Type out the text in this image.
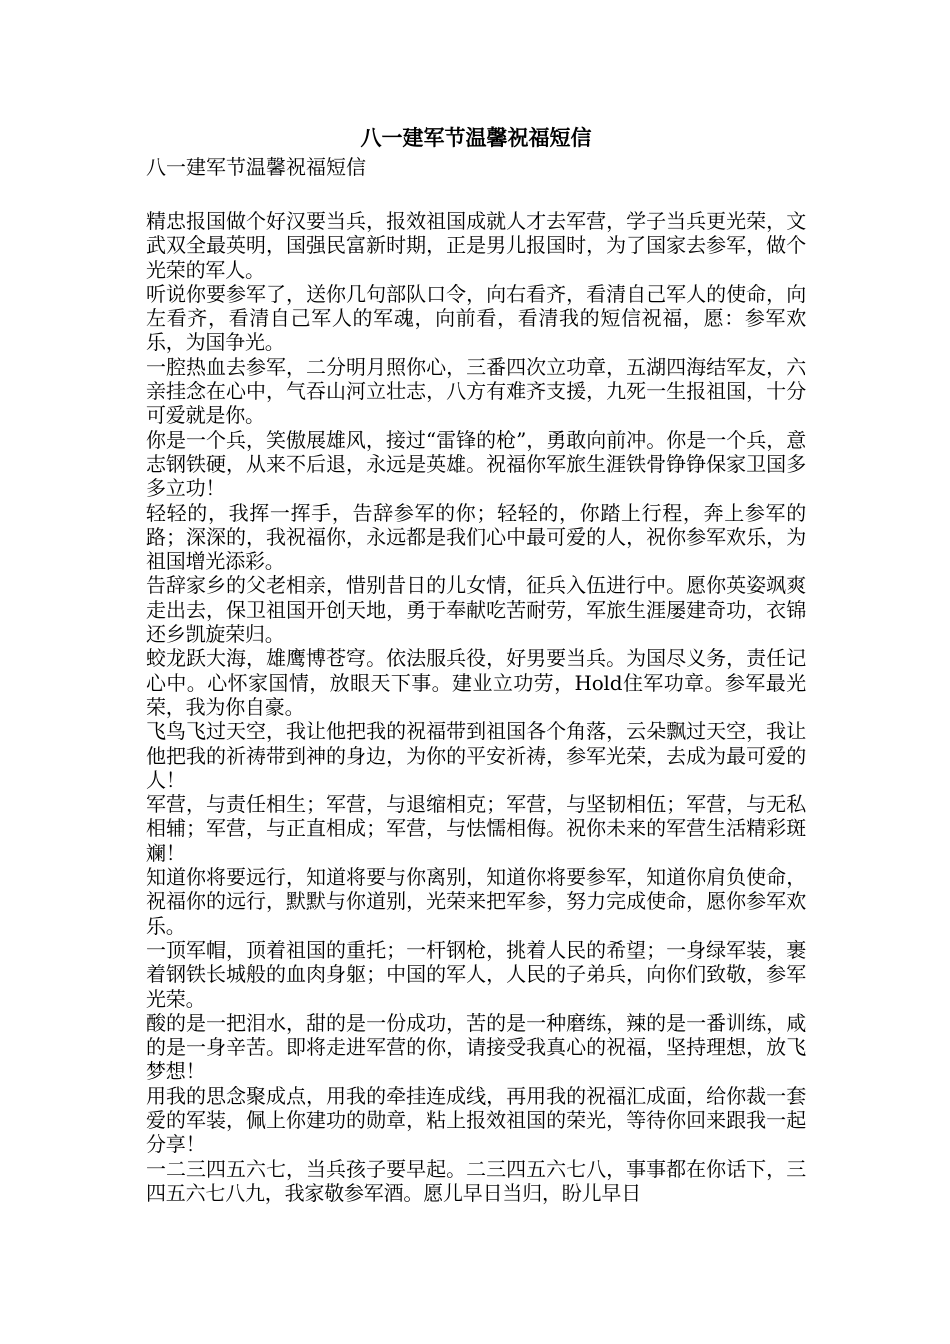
八一建军节温馨祝福短信
八一建军节温馨祝福短信

精忠报国做个好汉要当兵，报效祖国成就人才去军营，学子当兵更光荣，文武双全最英明，国强民富新时期，正是男儿报国时，为了国家去参军，做个光荣的军人。

听说你要参军了，送你几句部队口令，向右看齐，看清自己军人的使命，向左看齐，看清自己军人的军魂，向前看，看清我的短信祝福，愿：参军欢乐，为国争光。

一腔热血去参军，二分明月照你心，三番四次立功章，五湖四海结军友，六亲挂念在心中，气吞山河立壮志，八方有难齐支援，九死一生报祖国，十分可爱就是你。

你是一个兵，笑傲展雄风，接过“雷锋的枪”，勇敢向前冲。你是一个兵，意志钢铁硬，从来不后退，永远是英雄。祝福你军旅生涯铁骨铮铮保家卫国多多立功！

轻轻的，我挥一挥手，告辞参军的你；轻轻的，你踏上行程，奔上参军的路；深深的，我祝福你，永远都是我们心中最可爱的人，祝你参军欢乐，为祖国增光添彩。

告辞家乡的父老相亲，惜别昔日的儿女情，征兵入伍进行中。愿你英姿飒爽走出去，保卫祖国开创天地，勇于奉献吃苦耐劳，军旅生涯屡建奇功，衣锦还乡凯旋荣归。

蛟龙跃大海，雄鹰博苍穹。依法服兵役，好男要当兵。为国尽义务，责任记心中。心怀家国情，放眼天下事。建业立功劳，Hold住军功章。参军最光荣，我为你自豪。

飞鸟飞过天空，我让他把我的祝福带到祖国各个角落，云朵飘过天空，我让他把我的祈祷带到神的身边，为你的平安祈祷，参军光荣，去成为最可爱的人！

军营，与责任相生；军营，与退缩相克；军营，与坚韧相伍；军营，与无私相辅；军营，与正直相成；军营，与怯懦相侮。祝你未来的军营生活精彩斑斓！

知道你将要远行，知道将要与你离别，知道你将要参军，知道你肩负使命，祝福你的远行，默默与你道别，光荣来把军参，努力完成使命，愿你参军欢乐。

一顶军帽，顶着祖国的重托；一杆钢枪，挑着人民的希望；一身绿军装，裹着钢铁长城般的血肉身躯；中国的军人，人民的子弟兵，向你们致敬，参军光荣。

酸的是一把泪水，甜的是一份成功，苦的是一种磨练，辣的是一番训练，咸的是一身辛苦。即将走进军营的你，请接受我真心的祝福，坚持理想，放飞梦想！

用我的思念聚成点，用我的牵挂连成线，再用我的祝福汇成面，给你裁一套爱的军装，佩上你建功的勋章，粘上报效祖国的荣光，等待你回来跟我一起分享！

一二三四五六七，当兵孩子要早起。二三四五六七八，事事都在你话下，三四五六七八九，我家敬参军酒。愿儿早日当归，盼儿早日
